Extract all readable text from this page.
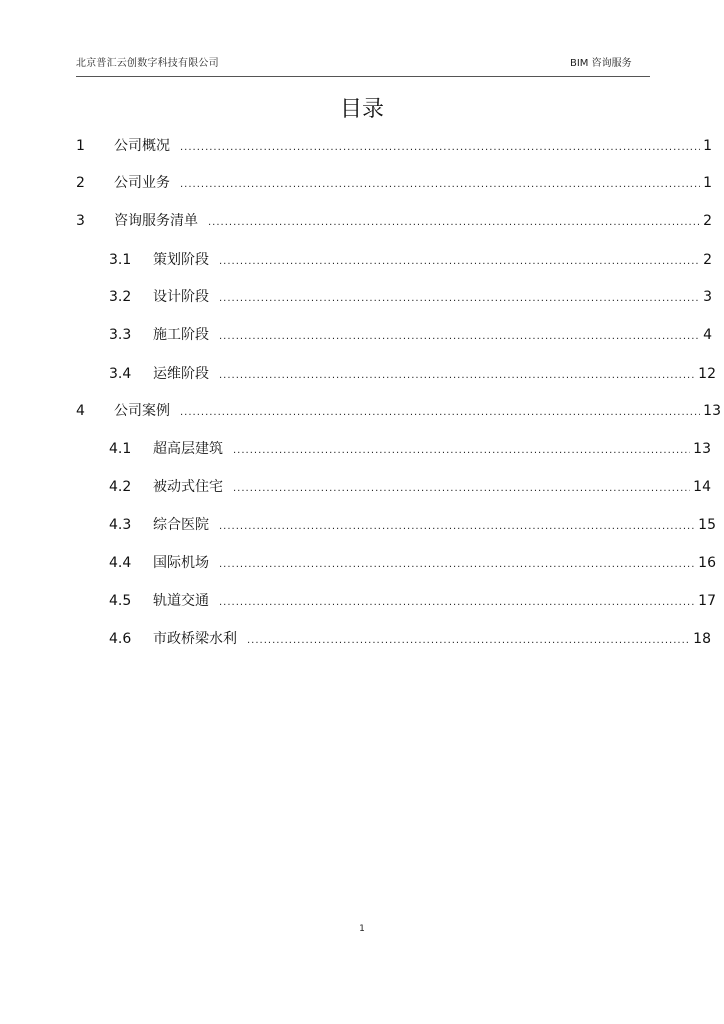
北京普汇云创数字科技有限公司	BIM 咨询服务
目录
1	公司概况 .....	1
2	公司业务 .....	1
3	咨询服务清单 .....	2
3.1	策划阶段 .....	2
3.2	设计阶段 .....	3
3.3	施工阶段 .....	4
3.4	运维阶段 .....	12
4	公司案例 .....	13
4.1	超高层建筑 .....	13
4.2	被动式住宅 .....	14
4.3	综合医院 .....	15
4.4	国际机场 .....	16
4.5	轨道交通 .....	17
4.6	市政桥梁水利 .....	18
1
